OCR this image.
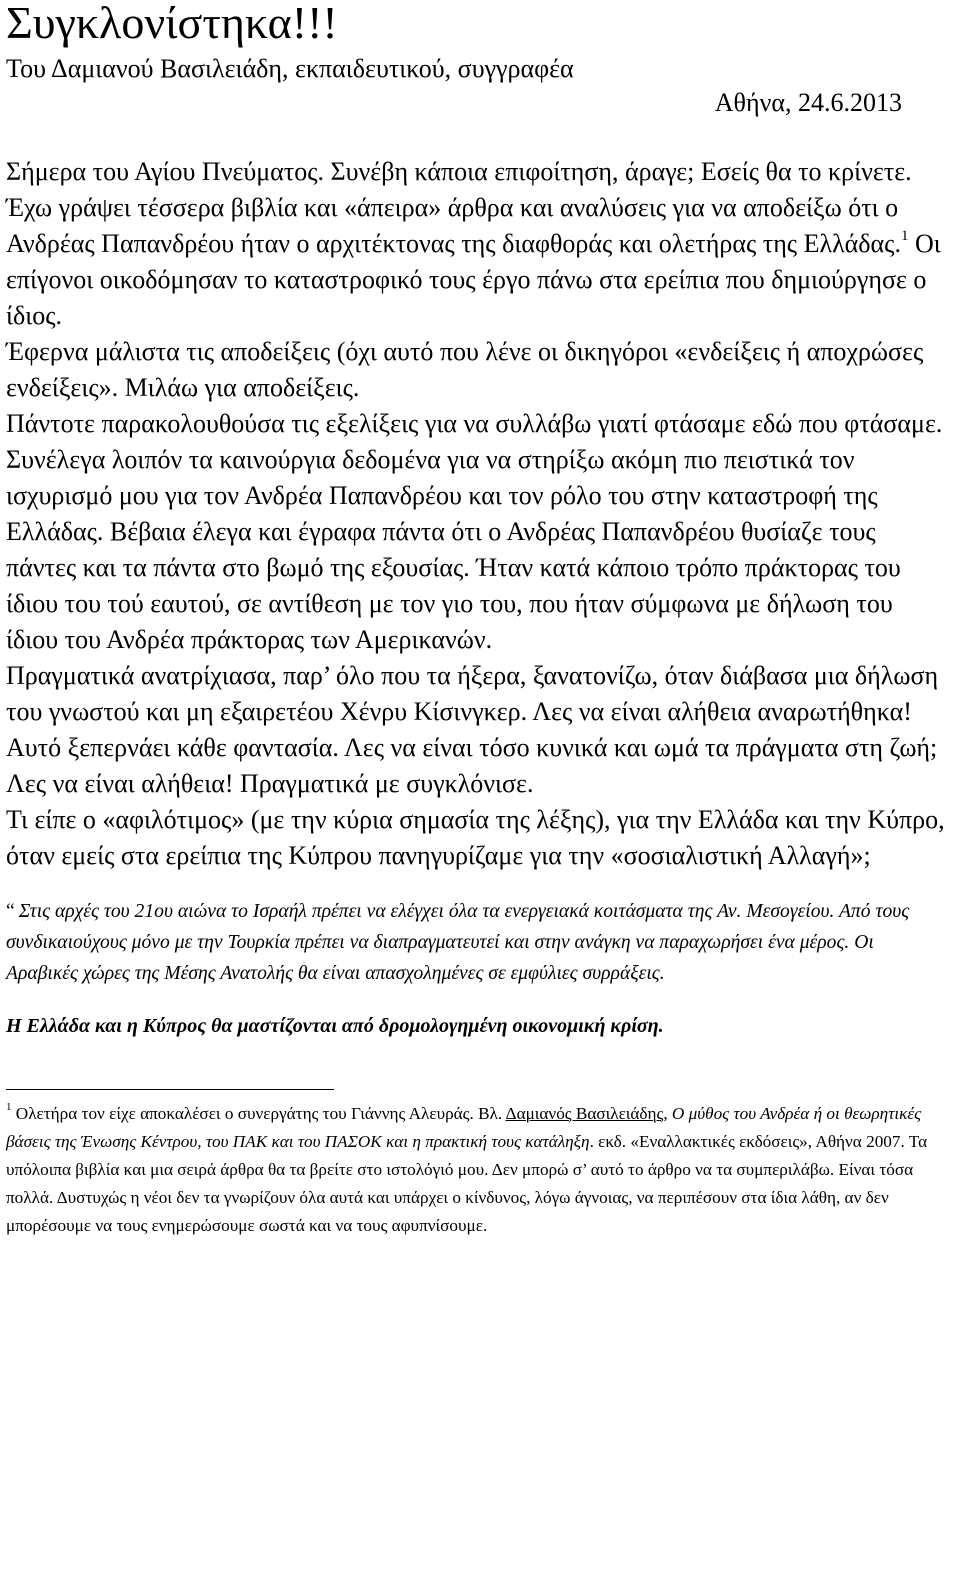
Συγκλονίστηκα!!!
Του Δαμιανού Βασιλειάδη, εκπαιδευτικού, συγγραφέα
Αθήνα, 24.6.2013

Σήμερα του Αγίου Πνεύματος. Συνέβη κάποια επιφοίτηση, άραγε; Εσείς θα το κρίνετε.

Έχω γράψει τέσσερα βιβλία και «άπειρα» άρθρα και αναλύσεις για να αποδείξω ότι ο Ανδρέας Παπανδρέου ήταν ο αρχιτέκτονας της διαφθοράς και ολετήρας της Ελλάδας.$^1$ Οι επίγονοι οικοδόμησαν το καταστροφικό τους έργο πάνω στα ερείπια που δημιούργησε ο ίδιος.

Έφερνα μάλιστα τις αποδείξεις (όχι αυτό που λένε οι δικηγόροι «ενδείξεις ή αποχρώσες ενδείξεις». Μιλάω για αποδείξεις.

Πάντοτε παρακολουθούσα τις εξελίξεις για να συλλάβω γιατί φτάσαμε εδώ που φτάσαμε. Συνέλεγα λοιπόν τα καινούργια δεδομένα για να στηρίξω ακόμη πιο πειστικά τον ισχυρισμό μου για τον Ανδρέα Παπανδρέου και τον ρόλο του στην καταστροφή της Ελλάδας. Βέβαια έλεγα και έγραφα πάντα ότι ο Ανδρέας Παπανδρέου θυσίαζε τους πάντες και τα πάντα στο βωμό της εξουσίας. Ήταν κατά κάποιο τρόπο πράκτορας του ίδιου του τού εαυτού, σε αντίθεση με τον γιο του, που ήταν σύμφωνα με δήλωση του ίδιου του Ανδρέα πράκτορας των Αμερικανών.

Πραγματικά ανατρίχιασα, παρ’ όλο που τα ήξερα, ξανατονίζω, όταν διάβασα μια δήλωση του γνωστού και μη εξαιρετέου Χένρυ Κίσινγκερ. Λες να είναι αλήθεια αναρωτήθηκα! Αυτό ξεπερνάει κάθε φαντασία. Λες να είναι τόσο κυνικά και ωμά τα πράγματα στη ζωή; Λες να είναι αλήθεια! Πραγματικά με συγκλόνισε.

Τι είπε ο «αφιλότιμος» (με την κύρια σημασία της λέξης), για την Ελλάδα και την Κύπρο, όταν εμείς στα ερείπια της Κύπρου πανηγυρίζαμε για την «σοσιαλιστική Αλλαγή»;

“ Στις αρχές του 21ου αιώνα το Ισραήλ πρέπει να ελέγχει όλα τα ενεργειακά κοιτάσματα της Αν. Μεσογείου. Από τους συνδικαιούχους μόνο με την Τουρκία πρέπει να διαπραγματευτεί και στην ανάγκη να παραχωρήσει ένα μέρος. Οι Αραβικές χώρες της Μέσης Ανατολής θα είναι απασχολημένες σε εμφύλιες συρράξεις.

Η Ελλάδα και η Κύπρος θα μαστίζονται από δρομολογημένη οικονομική κρίση.

$^1$ Ολετήρα τον είχε αποκαλέσει ο συνεργάτης του Γιάννης Αλευράς. Βλ. Δαμιανός Βασιλειάδης, Ο μύθος του Ανδρέα ή οι θεωρητικές βάσεις της Ένωσης Κέντρου, του ΠΑΚ και του ΠΑΣΟΚ και η πρακτική τους κατάληξη. εκδ. «Εναλλακτικές εκδόσεις», Αθήνα 2007. Τα υπόλοιπα βιβλία και μια σειρά άρθρα θα τα βρείτε στο ιστολόγιό μου. Δεν μπορώ σ’ αυτό το άρθρο να τα συμπεριλάβω. Είναι τόσα πολλά. Δυστυχώς η νέοι δεν τα γνωρίζουν όλα αυτά και υπάρχει ο κίνδυνος, λόγω άγνοιας, να περιπέσουν στα ίδια λάθη, αν δεν μπορέσουμε να τους ενημερώσουμε σωστά και να τους αφυπνίσουμε.
